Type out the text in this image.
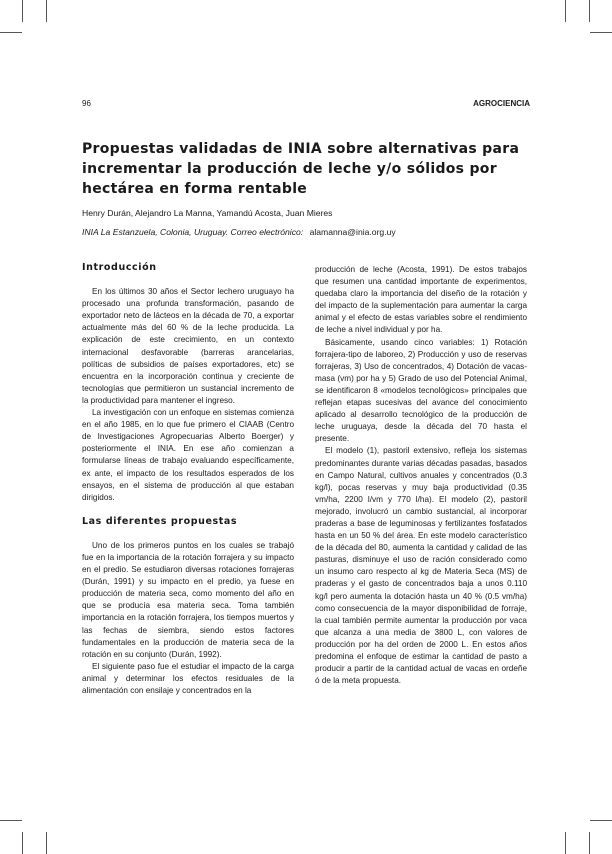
96	AGROCIENCIA
Propuestas validadas de INIA sobre alternativas para incrementar la producción de leche y/o sólidos por hectárea en forma rentable
Henry Durán, Alejandro La Manna, Yamandú Acosta, Juan Mieres
INIA La Estanzuela, Colonia, Uruguay. Correo electrónico: alamanna@inia.org.uy
Introducción

En los últimos 30 años el Sector lechero uruguayo ha procesado una profunda transformación, pasando de exportador neto de lácteos en la década de 70, a exportar actualmente más del 60 % de la leche producida. La explicación de este crecimiento, en un contexto internacional desfavorable (barreras arancelarias, políticas de subsidios de países exportadores, etc) se encuentra en la incorporación continua y creciente de tecnologías que permitieron un sustancial incremento de la productividad para mantener el ingreso.

La investigación con un enfoque en sistemas comienza en el año 1985, en lo que fue primero el CIAAB (Centro de Investigaciones Agropecuarias Alberto Boerger) y posteriormente el INIA. En ese año comienzan a formularse líneas de trabajo evaluando específicamente, ex ante, el impacto de los resultados esperados de los ensayos, en el sistema de producción al que estaban dirigidos.

Las diferentes propuestas

Uno de los primeros puntos en los cuales se trabajó fue en la importancia de la rotación forrajera y su impacto en el predio. Se estudiaron diversas rotaciones forrajeras (Durán, 1991) y su impacto en el predio, ya fuese en producción de materia seca, como momento del año en que se producía esa materia seca. Toma también importancia en la rotación forrajera, los tiempos muertos y las fechas de siembra, siendo estos factores fundamentales en la producción de materia seca de la rotación en su conjunto (Durán, 1992).

El siguiente paso fue el estudiar el impacto de la carga animal y determinar los efectos residuales de la alimentación con ensilaje y concentrados en la

producción de leche (Acosta, 1991). De estos trabajos que resumen una cantidad importante de experimentos, quedaba claro la importancia del diseño de la rotación y del impacto de la suplementación para aumentar la carga animal y el efecto de estas variables sobre el rendimiento de leche a nivel individual y por ha.

Básicamente, usando cinco variables: 1) Rotación forrajera-tipo de laboreo, 2) Producción y uso de reservas forrajeras, 3) Uso de concentrados, 4) Dotación de vacas-masa (vm) por ha y 5) Grado de uso del Potencial Animal, se identificaron 8 «modelos tecnológicos» principales que reflejan etapas sucesivas del avance del conocimiento aplicado al desarrollo tecnológico de la producción de leche uruguaya, desde la década del 70 hasta el presente.

El modelo (1), pastoril extensivo, refleja los sistemas predominantes durante varias décadas pasadas, basados en Campo Natural, cultivos anuales y concentrados (0.3 kg/l), pocas reservas y muy baja productividad (0.35 vm/ha, 2200 l/vm y 770 l/ha). El modelo (2), pastoril mejorado, involucró un cambio sustancial, al incorporar praderas a base de leguminosas y fertilizantes fosfatados hasta en un 50 % del área. En este modelo característico de la década del 80, aumenta la cantidad y calidad de las pasturas, disminuye el uso de ración considerado como un insumo caro respecto al kg de Materia Seca (MS) de praderas y el gasto de concentrados baja a unos 0.110 kg/l pero aumenta la dotación hasta un 40 % (0.5 vm/ha) como consecuencia de la mayor disponibilidad de forraje, la cual también permite aumentar la producción por vaca que alcanza a una media de 3800 L, con valores de producción por ha del orden de 2000 L. En estos años predomina el enfoque de estimar la cantidad de pasto a producir a partir de la cantidad actual de vacas en ordeñe ó de la meta propuesta.
